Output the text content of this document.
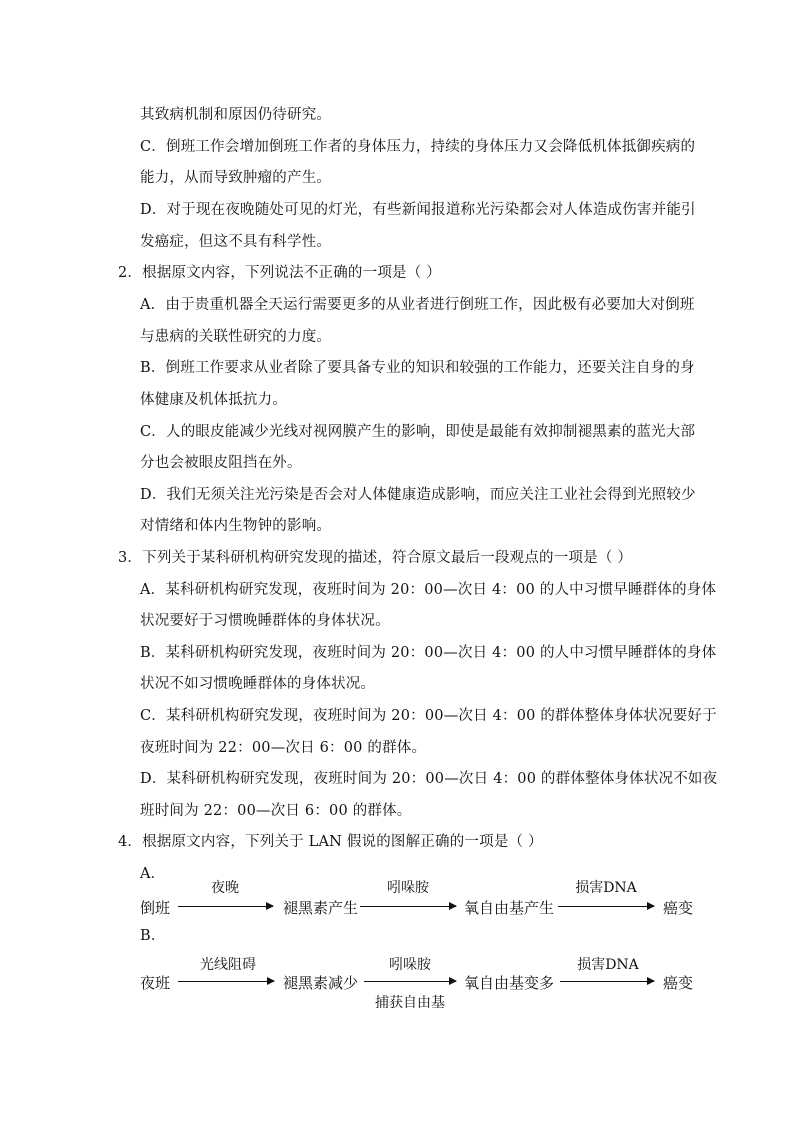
其致病机制和原因仍待研究。
C．倒班工作会增加倒班工作者的身体压力，持续的身体压力又会降低机体抵御疾病的
能力，从而导致肿瘤的产生。
D．对于现在夜晚随处可见的灯光，有些新闻报道称光污染都会对人体造成伤害并能引
发癌症，但这不具有科学性。
2．根据原文内容，下列说法不正确的一项是（ ）
A．由于贵重机器全天运行需要更多的从业者进行倒班工作，因此极有必要加大对倒班
与患病的关联性研究的力度。
B．倒班工作要求从业者除了要具备专业的知识和较强的工作能力，还要关注自身的身
体健康及机体抵抗力。
C．人的眼皮能减少光线对视网膜产生的影响，即使是最能有效抑制褪黑素的蓝光大部
分也会被眼皮阻挡在外。
D．我们无须关注光污染是否会对人体健康造成影响，而应关注工业社会得到光照较少
对情绪和体内生物钟的影响。
3．下列关于某科研机构研究发现的描述，符合原文最后一段观点的一项是（ ）
A．某科研机构研究发现，夜班时间为 20：00—次日 4：00 的人中习惯早睡群体的身体
状况要好于习惯晚睡群体的身体状况。
B．某科研机构研究发现，夜班时间为 20：00—次日 4：00 的人中习惯早睡群体的身体
状况不如习惯晚睡群体的身体状况。
C．某科研机构研究发现，夜班时间为 20：00—次日 4：00 的群体整体身体状况要好于
夜班时间为 22：00—次日 6：00 的群体。
D．某科研机构研究发现，夜班时间为 20：00—次日 4：00 的群体整体身体状况不如夜
班时间为 22：00—次日 6：00 的群体。
4．根据原文内容，下列关于 LAN 假说的图解正确的一项是（ ）
A．
倒班
夜晚
褪黑素产生
吲哚胺
氧自由基产生
损害DNA
癌变
B．
夜班
光线阻碍
褪黑素减少
吲哚胺
捕获自由基
氧自由基变多
损害DNA
癌变
